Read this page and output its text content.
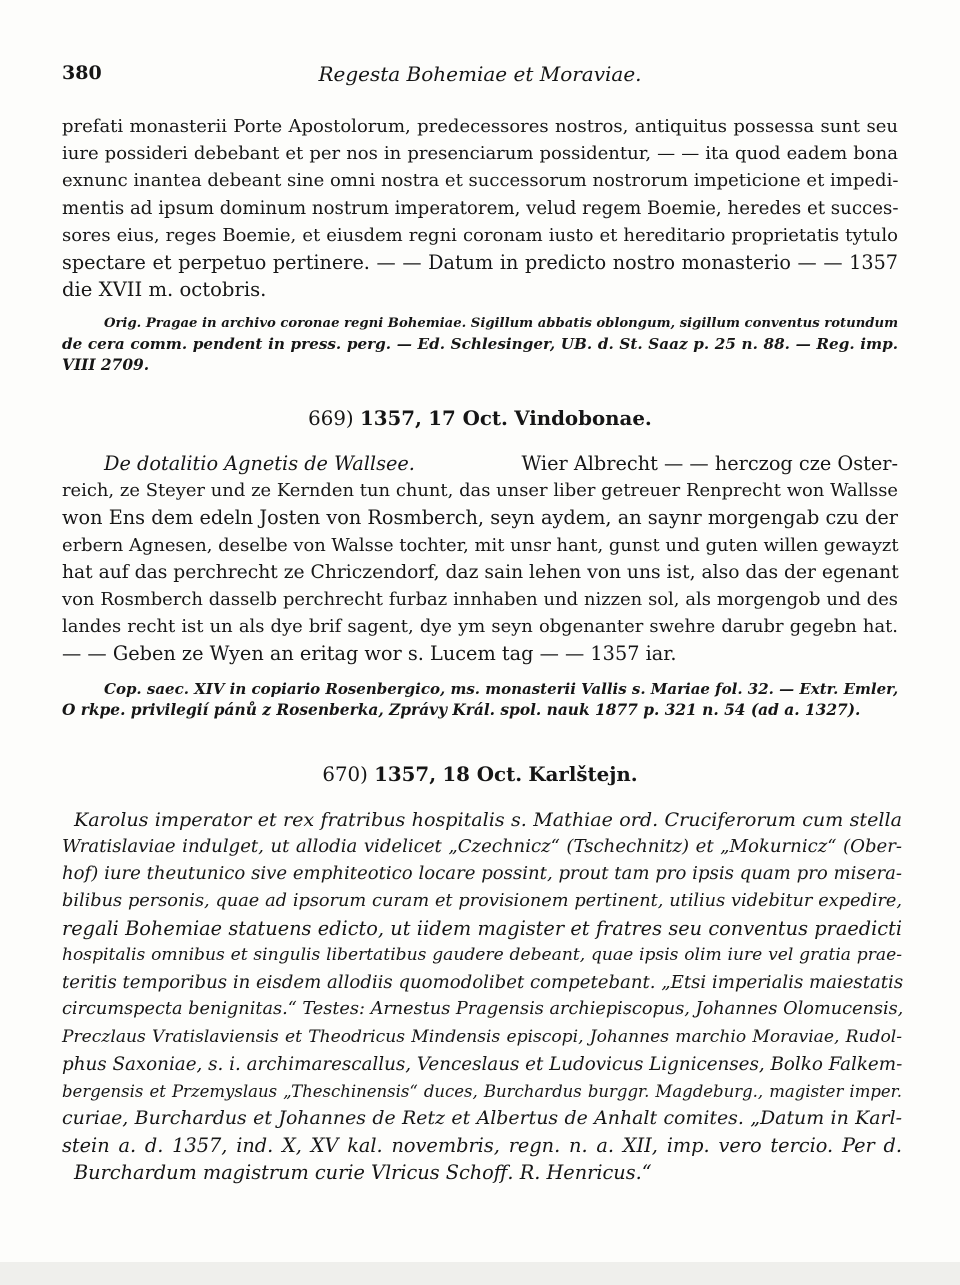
380	Regesta Bohemiae et Moraviae.
prefati monasterii Porte Apostolorum, predecessores nostros, antiquitus possessa sunt seu
iure possideri debebant et per nos in presenciarum possidentur, — — ita quod eadem bona
exnunc inantea debeant sine omni nostra et successorum nostrorum impeticione et impedi-
mentis ad ipsum dominum nostrum imperatorem, velud regem Boemie, heredes et succes-
sores eius, reges Boemie, et eiusdem regni coronam iusto et hereditario proprietatis tytulo
spectare et perpetuo pertinere. — — Datum in predicto nostro monasterio — — 1357
die XVII m. octobris.
Orig. Pragae in archivo coronae regni Bohemiae. Sigillum abbatis oblongum, sigillum conventus rotundum
de cera comm. pendent in press. perg. — Ed. Schlesinger, UB. d. St. Saaz p. 25 n. 88. — Reg. imp.
VIII 2709.
669) 1357, 17 Oct. Vindobonae.
De dotalitio Agnetis de Wallsee.	Wier Albrecht — — herczog cze Oster-
reich, ze Steyer und ze Kernden tun chunt, das unser liber getreuer Renprecht won Wallsse
won Ens dem edeln Josten von Rosmberch, seyn aydem, an saynr morgengab czu der
erbern Agnesen, deselbe von Walsse tochter, mit unsr hant, gunst und guten willen gewayzt
hat auf das perchrecht ze Chriczendorf, daz sain lehen von uns ist, also das der egenant
von Rosmberch dasselb perchrecht furbaz innhaben und nizzen sol, als morgengob und des
landes recht ist un als dye brif sagent, dye ym seyn obgenanter swehre darubr gegebn hat.
— — Geben ze Wyen an eritag wor s. Lucem tag — — 1357 iar.
Cop. saec. XIV in copiario Rosenbergico, ms. monasterii Vallis s. Mariae fol. 32. — Extr. Emler,
O rkpe. privilegií pánů z Rosenberka, Zprávy Král. spol. nauk 1877 p. 321 n. 54 (ad a. 1327).
670) 1357, 18 Oct. Karlštejn.
Karolus imperator et rex fratribus hospitalis s. Mathiae ord. Cruciferorum cum stella
Wratislaviae indulget, ut allodia videlicet „Czechnicz“ (Tschechnitz) et „Mokurnicz“ (Ober-
hof) iure theutunico sive emphiteotico locare possint, prout tam pro ipsis quam pro misera-
bilibus personis, quae ad ipsorum curam et provisionem pertinent, utilius videbitur expedire,
regali Bohemiae statuens edicto, ut iidem magister et fratres seu conventus praedicti
hospitalis omnibus et singulis libertatibus gaudere debeant, quae ipsis olim iure vel gratia prae-
teritis temporibus in eisdem allodiis quomodolibet competebant. „Etsi imperialis maiestatis
circumspecta benignitas.“ Testes: Arnestus Pragensis archiepiscopus, Johannes Olomucensis,
Preczlaus Vratislaviensis et Theodricus Mindensis episcopi, Johannes marchio Moraviae, Rudol-
phus Saxoniae, s. i. archimarescallus, Venceslaus et Ludovicus Lignicenses, Bolko Falkem-
bergensis et Przemyslaus „Theschinensis“ duces, Burchardus burggr. Magdeburg., magister imper.
curiae, Burchardus et Johannes de Retz et Albertus de Anhalt comites. „Datum in Karl-
stein a. d. 1357, ind. X, XV kal. novembris, regn. n. a. XII, imp. vero tercio. Per d.
Burchardum magistrum curie Vlricus Schoff. R. Henricus.“
